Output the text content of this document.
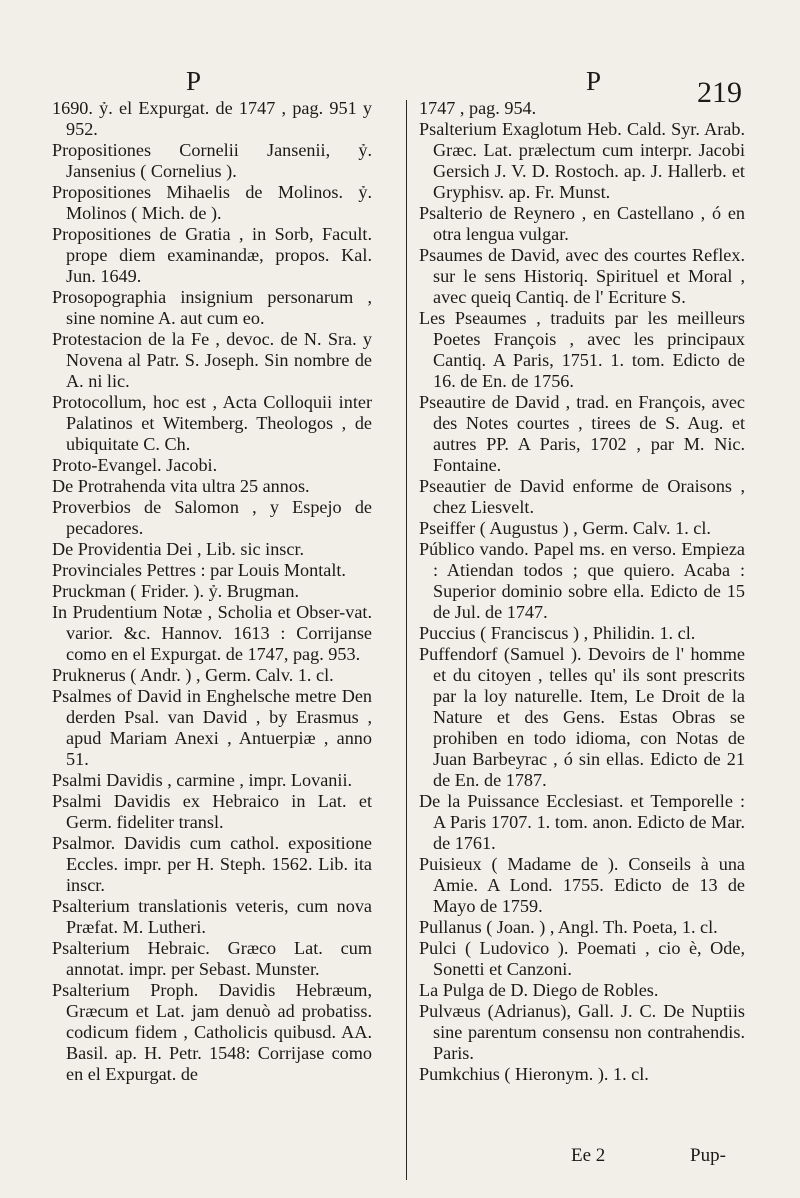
P	P	219

1690. ỷ. el Expurgat. de 1747 , pag. 951 y 952.

Propositiones Cornelii Jansenii, ỷ. Jansenius ( Cornelius ).

Propositiones Mihaelis de Molinos. ỷ. Molinos ( Mich. de ).

Propositiones de Gratia , in Sorb, Facult. prope diem examinandæ, propos. Kal. Jun. 1649.

Prosopographia insignium personarum , sine nomine A. aut cum eo.

Protestacion de la Fe , devoc. de N. Sra. y Novena al Patr. S. Joseph. Sin nombre de A. ni lic.

Protocollum, hoc est , Acta Colloquii inter Palatinos et Witemberg. Theologos , de ubiquitate C. Ch.

Proto-Evangel. Jacobi.

De Protrahenda vita ultra 25 annos.

Proverbios de Salomon , y Espejo de pecadores.

De Providentia Dei , Lib. sic inscr.

Provinciales Pettres : par Louis Montalt.

Pruckman ( Frider. ). ỷ. Brugman.

In Prudentium Notæ , Scholia et Obser-vat. varior. &c. Hannov. 1613 : Corrijanse como en el Expurgat. de 1747, pag. 953.

Pruknerus ( Andr. ) , Germ. Calv. 1. cl.

Psalmes of David in Enghelsche metre Den derden Psal. van David , by Erasmus , apud Mariam Anexi , Antuerpiæ , anno 51.

Psalmi Davidis , carmine , impr. Lovanii.

Psalmi Davidis ex Hebraico in Lat. et Germ. fideliter transl.

Psalmor. Davidis cum cathol. expositione Eccles. impr. per H. Steph. 1562. Lib. ita inscr.

Psalterium translationis veteris, cum nova Præfat. M. Lutheri.

Psalterium Hebraic. Græco Lat. cum annotat. impr. per Sebast. Munster.

Psalterium Proph. Davidis Hebræum, Græcum et Lat. jam denuò ad probatiss. codicum fidem , Catholicis quibusd. AA. Basil. ap. H. Petr. 1548: Corrijase como en el Expurgat. de

1747 , pag. 954.

Psalterium Exaglotum Heb. Cald. Syr. Arab. Græc. Lat. prælectum cum interpr. Jacobi Gersich J. V. D. Rostoch. ap. J. Hallerb. et Gryphisv. ap. Fr. Munst.

Psalterio de Reynero , en Castellano , ó en otra lengua vulgar.

Psaumes de David, avec des courtes Reflex. sur le sens Historiq. Spirituel et Moral , avec queiq Cantiq. de l' Ecriture S.

Les Pseaumes , traduits par les meilleurs Poetes François , avec les principaux Cantiq. A Paris, 1751. 1. tom. Edicto de 16. de En. de 1756.

Pseautire de David , trad. en François, avec des Notes courtes , tirees de S. Aug. et autres PP. A Paris, 1702 , par M. Nic. Fontaine.

Pseautier de David enforme de Oraisons , chez Liesvelt.

Pseiffer ( Augustus ) , Germ. Calv. 1. cl.

Público vando. Papel ms. en verso. Empieza : Atiendan todos ; que quiero. Acaba : Superior dominio sobre ella. Edicto de 15 de Jul. de 1747.

Puccius ( Franciscus ) , Philidin. 1. cl.

Puffendorf (Samuel ). Devoirs de l' homme et du citoyen , telles qu' ils sont prescrits par la loy naturelle. Item, Le Droit de la Nature et des Gens. Estas Obras se prohiben en todo idioma, con Notas de Juan Barbeyrac , ó sin ellas. Edicto de 21 de En. de 1787.

De la Puissance Ecclesiast. et Temporelle : A Paris 1707. 1. tom. anon. Edicto de Mar. de 1761.

Puisieux ( Madame de ). Conseils à una Amie. A Lond. 1755. Edicto de 13 de Mayo de 1759.

Pullanus ( Joan. ) , Angl. Th. Poeta, 1. cl.

Pulci ( Ludovico ). Poemati , cio è, Ode, Sonetti et Canzoni.

La Pulga de D. Diego de Robles.

Pulvæus (Adrianus), Gall. J. C. De Nuptiis sine parentum consensu non contrahendis. Paris.

Pumkchius ( Hieronym. ). 1. cl.

Ee 2	Pup-
